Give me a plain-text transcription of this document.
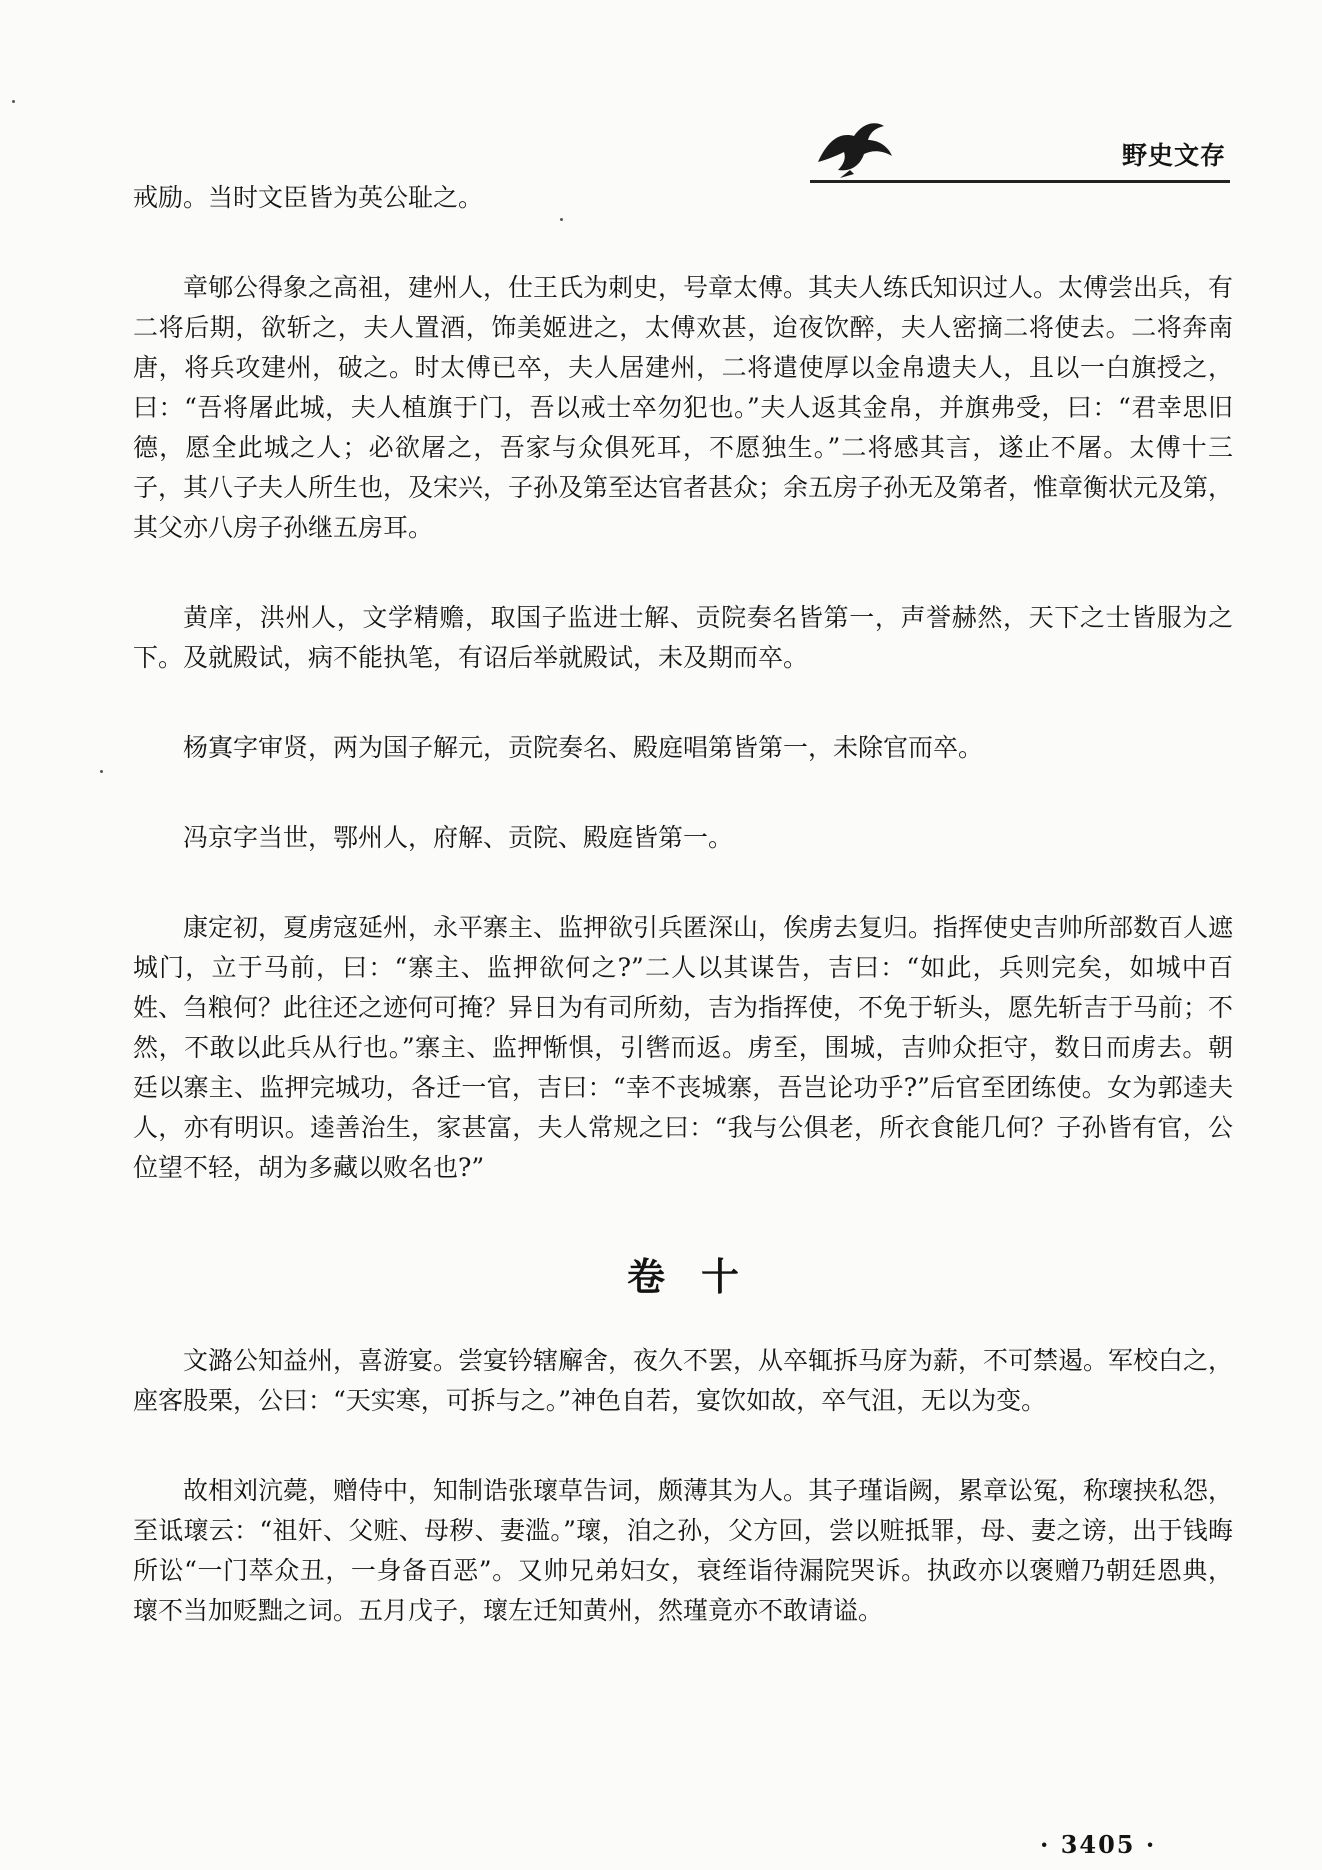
野史文存

戒励。当时文臣皆为英公耻之。

章郇公得象之高祖，建州人，仕王氏为刺史，号章太傅。其夫人练氏知识过人。太傅尝出兵，有二将后期，欲斩之，夫人置酒，饰美姬进之，太傅欢甚，迨夜饮醉，夫人密摘二将使去。二将奔南唐，将兵攻建州，破之。时太傅已卒，夫人居建州，二将遣使厚以金帛遗夫人，且以一白旗授之，曰：“吾将屠此城，夫人植旗于门，吾以戒士卒勿犯也。”夫人返其金帛，并旗弗受，曰：“君幸思旧德，愿全此城之人；必欲屠之，吾家与众俱死耳，不愿独生。”二将感其言，遂止不屠。太傅十三子，其八子夫人所生也，及宋兴，子孙及第至达官者甚众；余五房子孙无及第者，惟章衡状元及第，其父亦八房子孙继五房耳。

黄庠，洪州人，文学精赡，取国子监进士解、贡院奏名皆第一，声誉赫然，天下之士皆服为之下。及就殿试，病不能执笔，有诏后举就殿试，未及期而卒。

杨寘字审贤，两为国子解元，贡院奏名、殿庭唱第皆第一，未除官而卒。

冯京字当世，鄂州人，府解、贡院、殿庭皆第一。

康定初，夏虏寇延州，永平寨主、监押欲引兵匿深山，俟虏去复归。指挥使史吉帅所部数百人遮城门，立于马前，曰：“寨主、监押欲何之?”二人以其谋告，吉曰：“如此，兵则完矣，如城中百姓、刍粮何？此往还之迹何可掩？异日为有司所劾，吉为指挥使，不免于斩头，愿先斩吉于马前；不然，不敢以此兵从行也。”寨主、监押惭惧，引辔而返。虏至，围城，吉帅众拒守，数日而虏去。朝廷以寨主、监押完城功，各迁一官，吉曰：“幸不丧城寨，吾岂论功乎?”后官至团练使。女为郭逵夫人，亦有明识。逵善治生，家甚富，夫人常规之曰：“我与公俱老，所衣食能几何？子孙皆有官，公位望不轻，胡为多藏以败名也?”

卷十

文潞公知益州，喜游宴。尝宴钤辖廨舍，夜久不罢，从卒辄拆马庌为薪，不可禁遏。军校白之，座客股栗，公曰：“天实寒，可拆与之。”神色自若，宴饮如故，卒气沮，无以为变。

故相刘沆薨，赠侍中，知制诰张瓌草告词，颇薄其为人。其子瑾诣阙，累章讼冤，称瓌挟私怨，至诋瓌云：“祖奸、父赃、母秽、妻滥。”瓌，洎之孙，父方回，尝以赃抵罪，母、妻之谤，出于钱晦所讼“一门萃众丑，一身备百恶”。又帅兄弟妇女，衰绖诣待漏院哭诉。执政亦以褒赠乃朝廷恩典，瓌不当加贬黜之词。五月戊子，瓌左迁知黄州，然瑾竟亦不敢请谥。

· 3405 ·
